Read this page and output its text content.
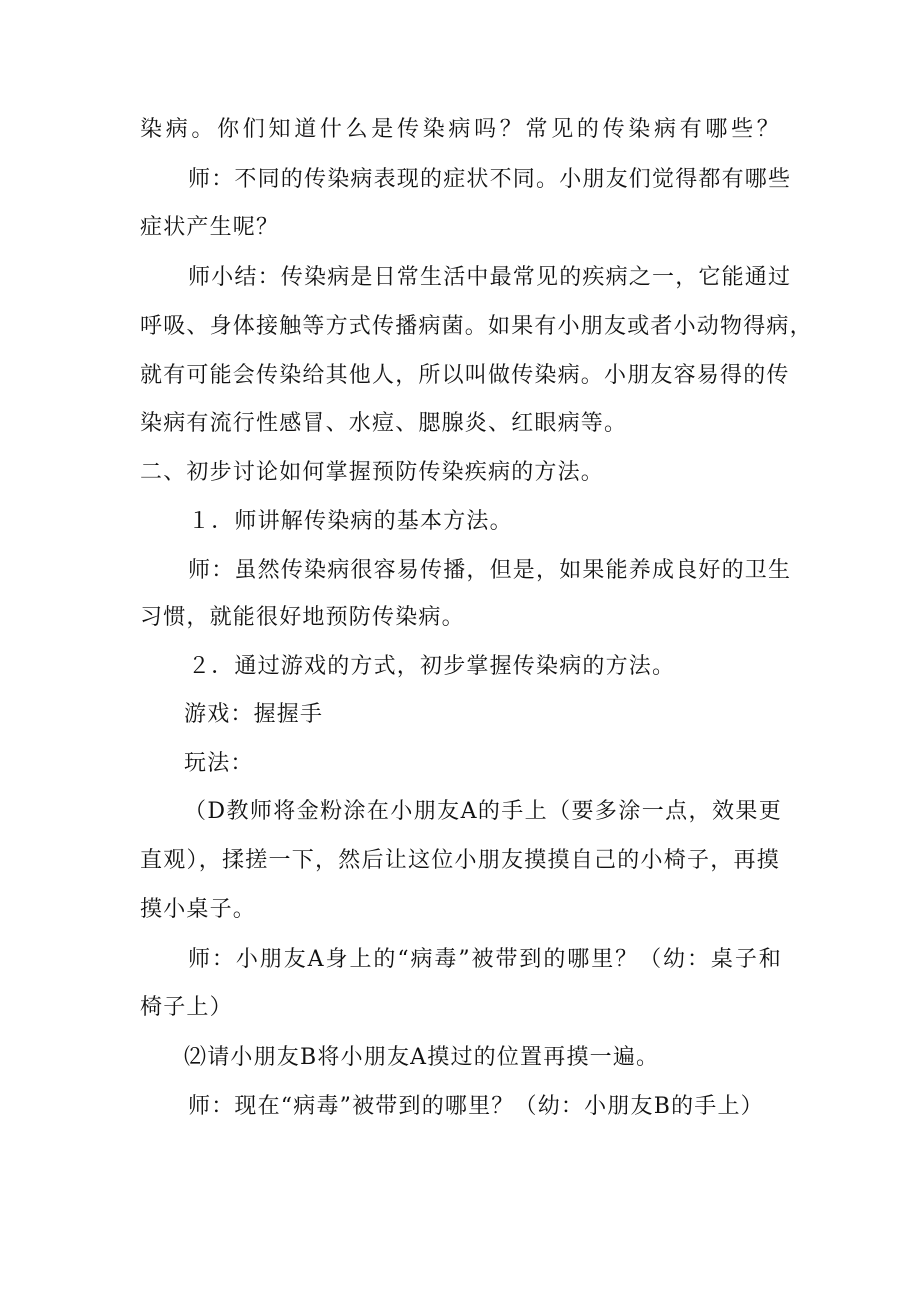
染病。你们知道什么是传染病吗？常见的传染病有哪些？
师：不同的传染病表现的症状不同。小朋友们觉得都有哪些
症状产生呢？
师小结：传染病是日常生活中最常见的疾病之一，它能通过
呼吸、身体接触等方式传播病菌。如果有小朋友或者小动物得病，
就有可能会传染给其他人，所以叫做传染病。小朋友容易得的传
染病有流行性感冒、水痘、腮腺炎、红眼病等。
二、初步讨论如何掌握预防传染疾病的方法。
１．师讲解传染病的基本方法。
师：虽然传染病很容易传播，但是，如果能养成良好的卫生
习惯，就能很好地预防传染病。
２．通过游戏的方式，初步掌握传染病的方法。
游戏：握握手
玩法：
（D教师将金粉涂在小朋友A的手上（要多涂一点，效果更
直观），揉搓一下，然后让这位小朋友摸摸自己的小椅子，再摸
摸小桌子。
师：小朋友A身上的“病毒”被带到的哪里？（幼：桌子和
椅子上）
⑵请小朋友B将小朋友A摸过的位置再摸一遍。
师：现在“病毒”被带到的哪里？（幼：小朋友B的手上）
